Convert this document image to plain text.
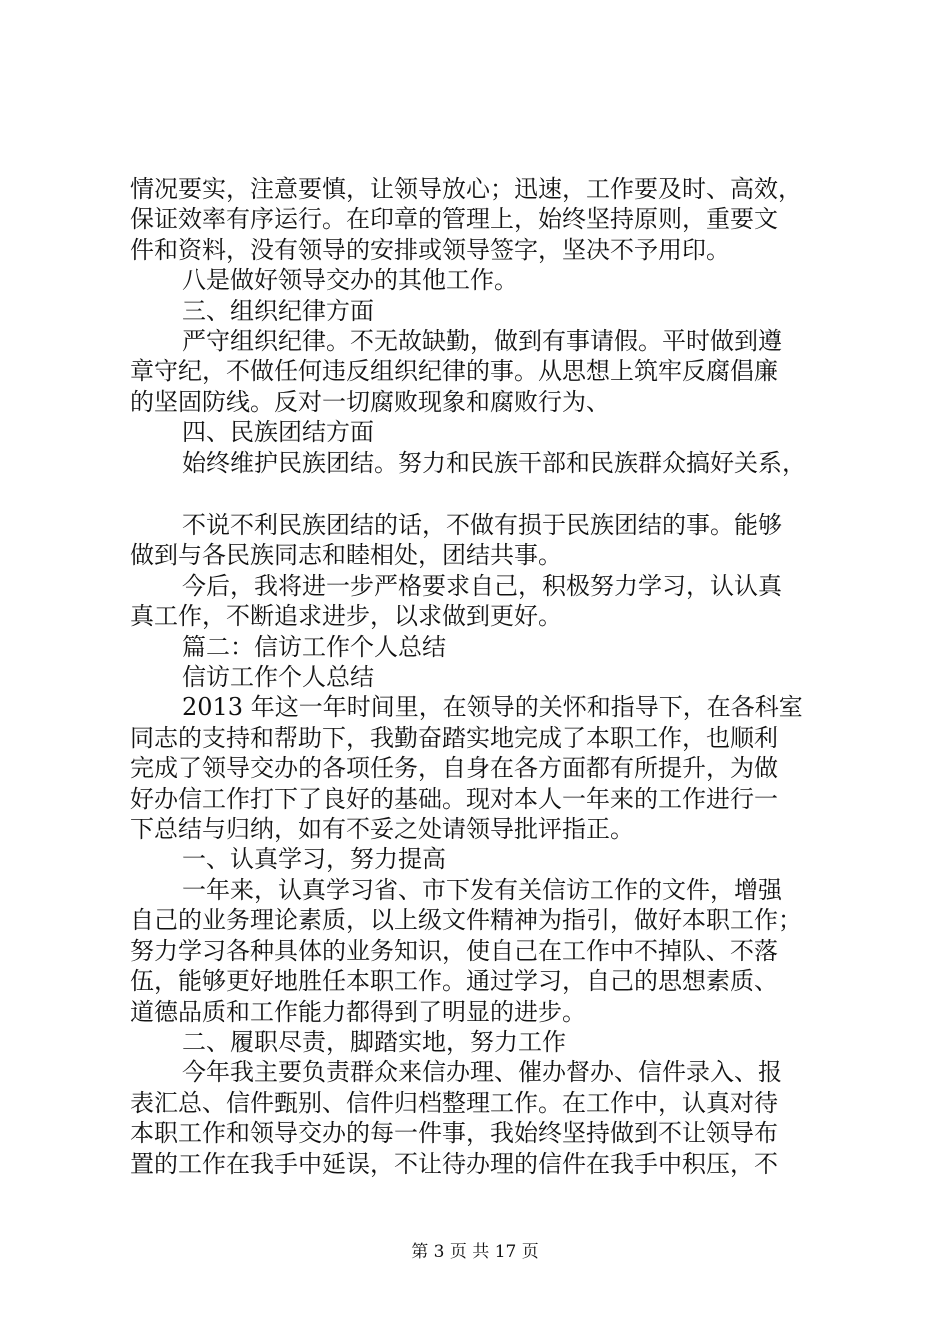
情况要实，注意要慎，让领导放心；迅速，工作要及时、高效，

保证效率有序运行。在印章的管理上，始终坚持原则，重要文

件和资料，没有领导的安排或领导签字，坚决不予用印。

八是做好领导交办的其他工作。

三、组织纪律方面

严守组织纪律。不无故缺勤，做到有事请假。平时做到遵

章守纪，不做任何违反组织纪律的事。从思想上筑牢反腐倡廉

的坚固防线。反对一切腐败现象和腐败行为、

四、民族团结方面

始终维护民族团结。努力和民族干部和民族群众搞好关系，

不说不利民族团结的话，不做有损于民族团结的事。能够

做到与各民族同志和睦相处，团结共事。

今后，我将进一步严格要求自己，积极努力学习，认认真

真工作，不断追求进步，以求做到更好。

篇二：信访工作个人总结

信访工作个人总结

2013 年这一年时间里，在领导的关怀和指导下，在各科室

同志的支持和帮助下，我勤奋踏实地完成了本职工作，也顺利

完成了领导交办的各项任务，自身在各方面都有所提升，为做

好办信工作打下了良好的基础。现对本人一年来的工作进行一

下总结与归纳，如有不妥之处请领导批评指正。

一、认真学习，努力提高

一年来，认真学习省、市下发有关信访工作的文件，增强

自己的业务理论素质，以上级文件精神为指引，做好本职工作；

努力学习各种具体的业务知识，使自己在工作中不掉队、不落

伍，能够更好地胜任本职工作。通过学习，自己的思想素质、

道德品质和工作能力都得到了明显的进步。

二、履职尽责，脚踏实地，努力工作

今年我主要负责群众来信办理、催办督办、信件录入、报

表汇总、信件甄别、信件归档整理工作。在工作中，认真对待

本职工作和领导交办的每一件事，我始终坚持做到不让领导布

置的工作在我手中延误，不让待办理的信件在我手中积压，不

第 3 页 共 17 页
